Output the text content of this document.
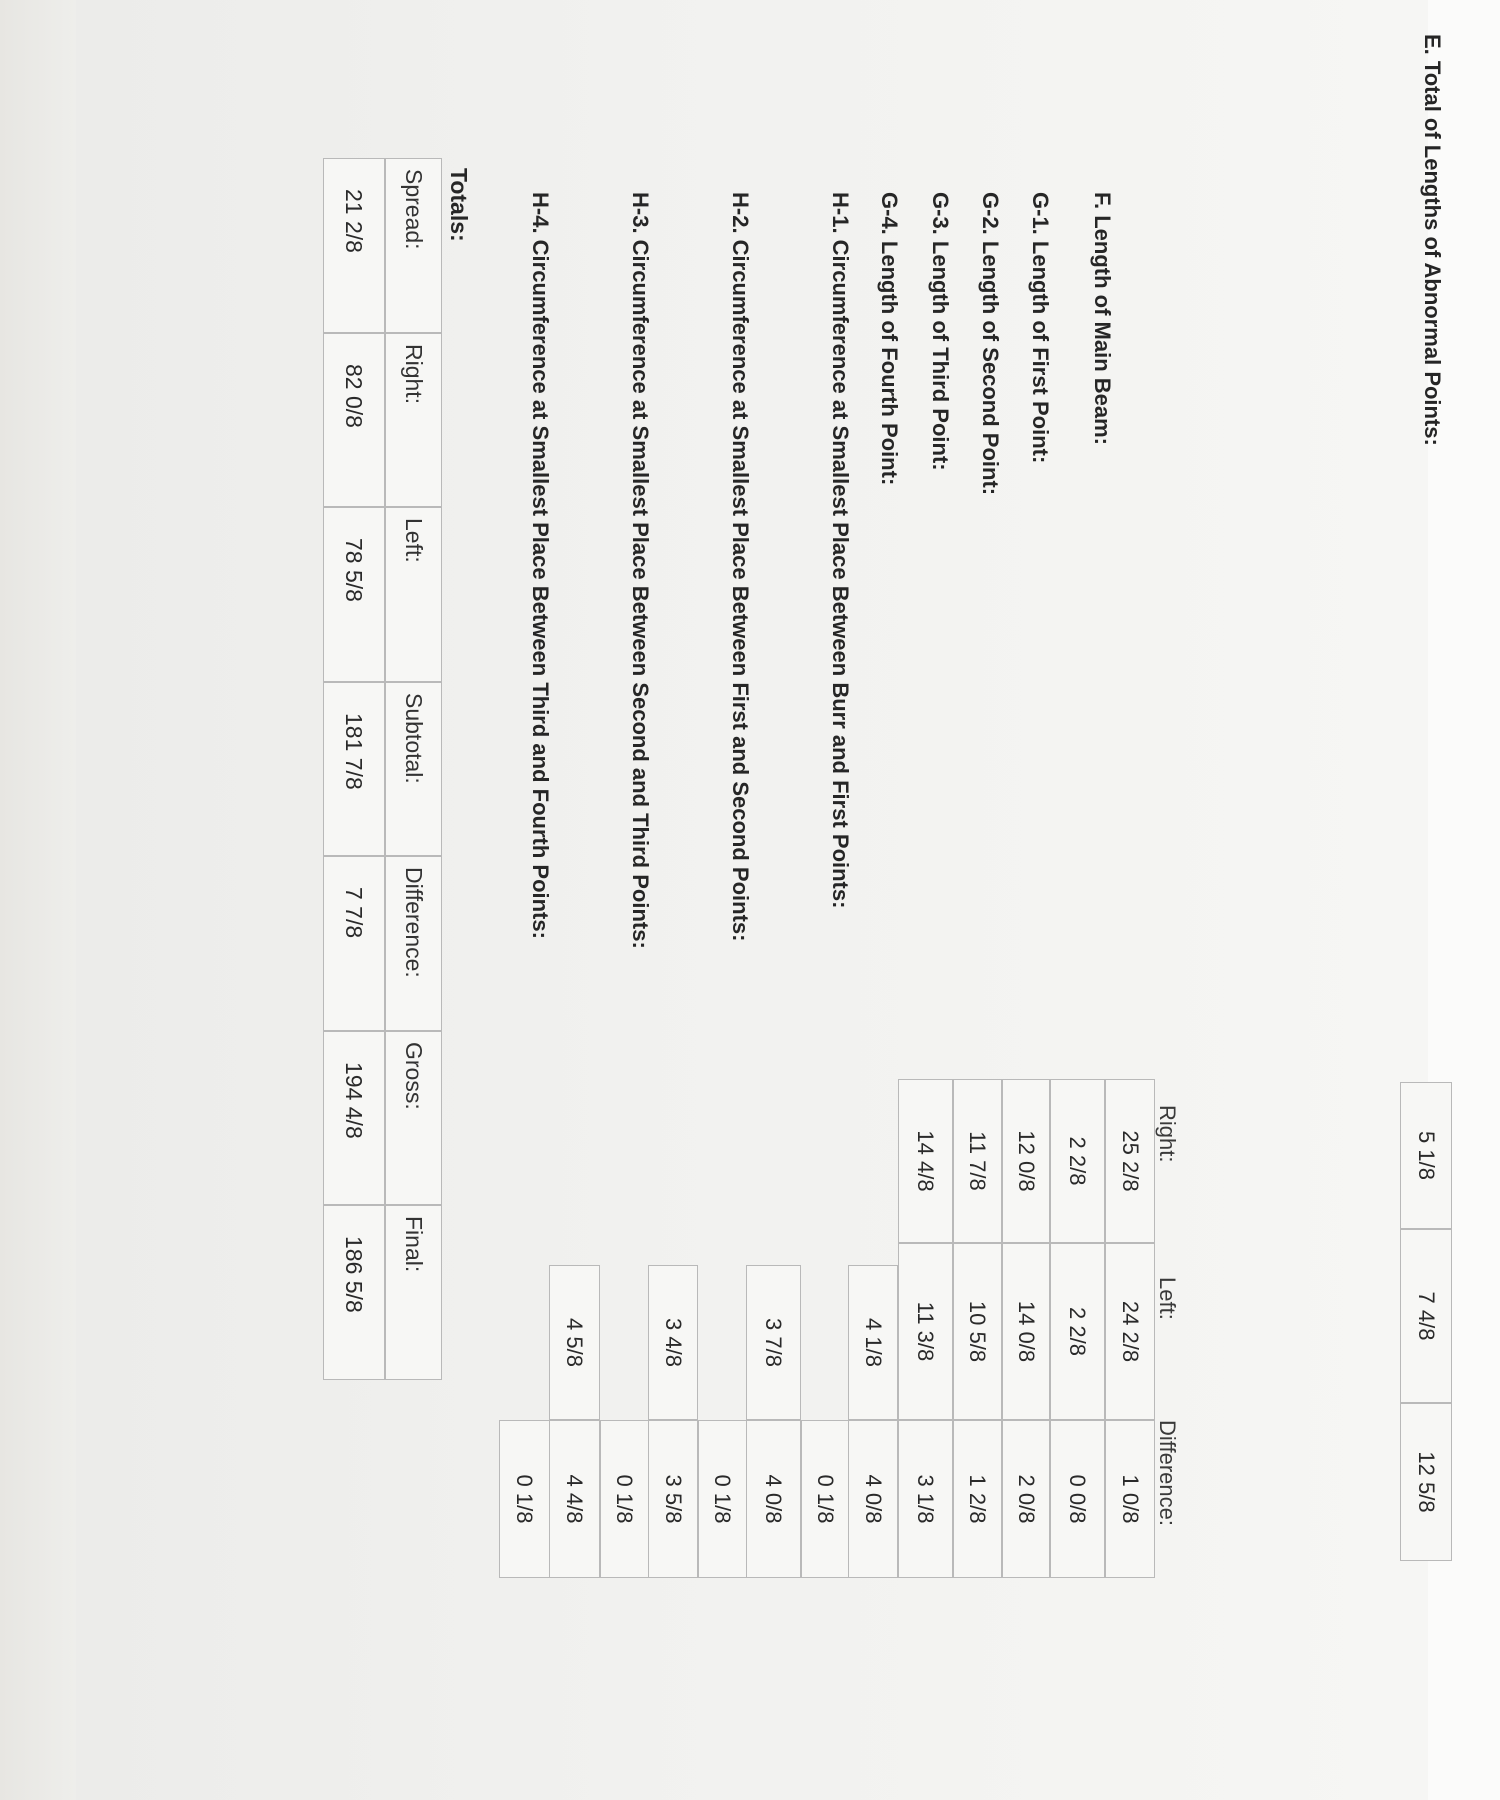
E. Total of Lengths of Abnormal Points:
5 1/8
7 4/8
12 5/8
Right:
Left:
Difference:
F. Length of Main Beam:
25 2/8
24 2/8
1 0/8
G-1. Length of First Point:
2 2/8
2 2/8
0 0/8
G-2. Length of Second Point:
12 0/8
14 0/8
2 0/8
G-3. Length of Third Point:
11 7/8
10 5/8
1 2/8
G-4. Length of Fourth Point:
14 4/8
11 3/8
3 1/8
H-1. Circumference at Smallest Place Between Burr and First Points:
4 1/8
4 0/8
0 1/8
H-2. Circumference at Smallest Place Between First and Second Points:
3 7/8
4 0/8
0 1/8
H-3. Circumference at Smallest Place Between Second and Third Points:
3 4/8
3 5/8
0 1/8
H-4. Circumference at Smallest Place Between Third and Fourth Points:
4 5/8
4 4/8
0 1/8
Totals:
Spread:
Right:
Left:
Subtotal:
Difference:
Gross:
Final:
21 2/8
82 0/8
78 5/8
181 7/8
7 7/8
194 4/8
186 5/8
